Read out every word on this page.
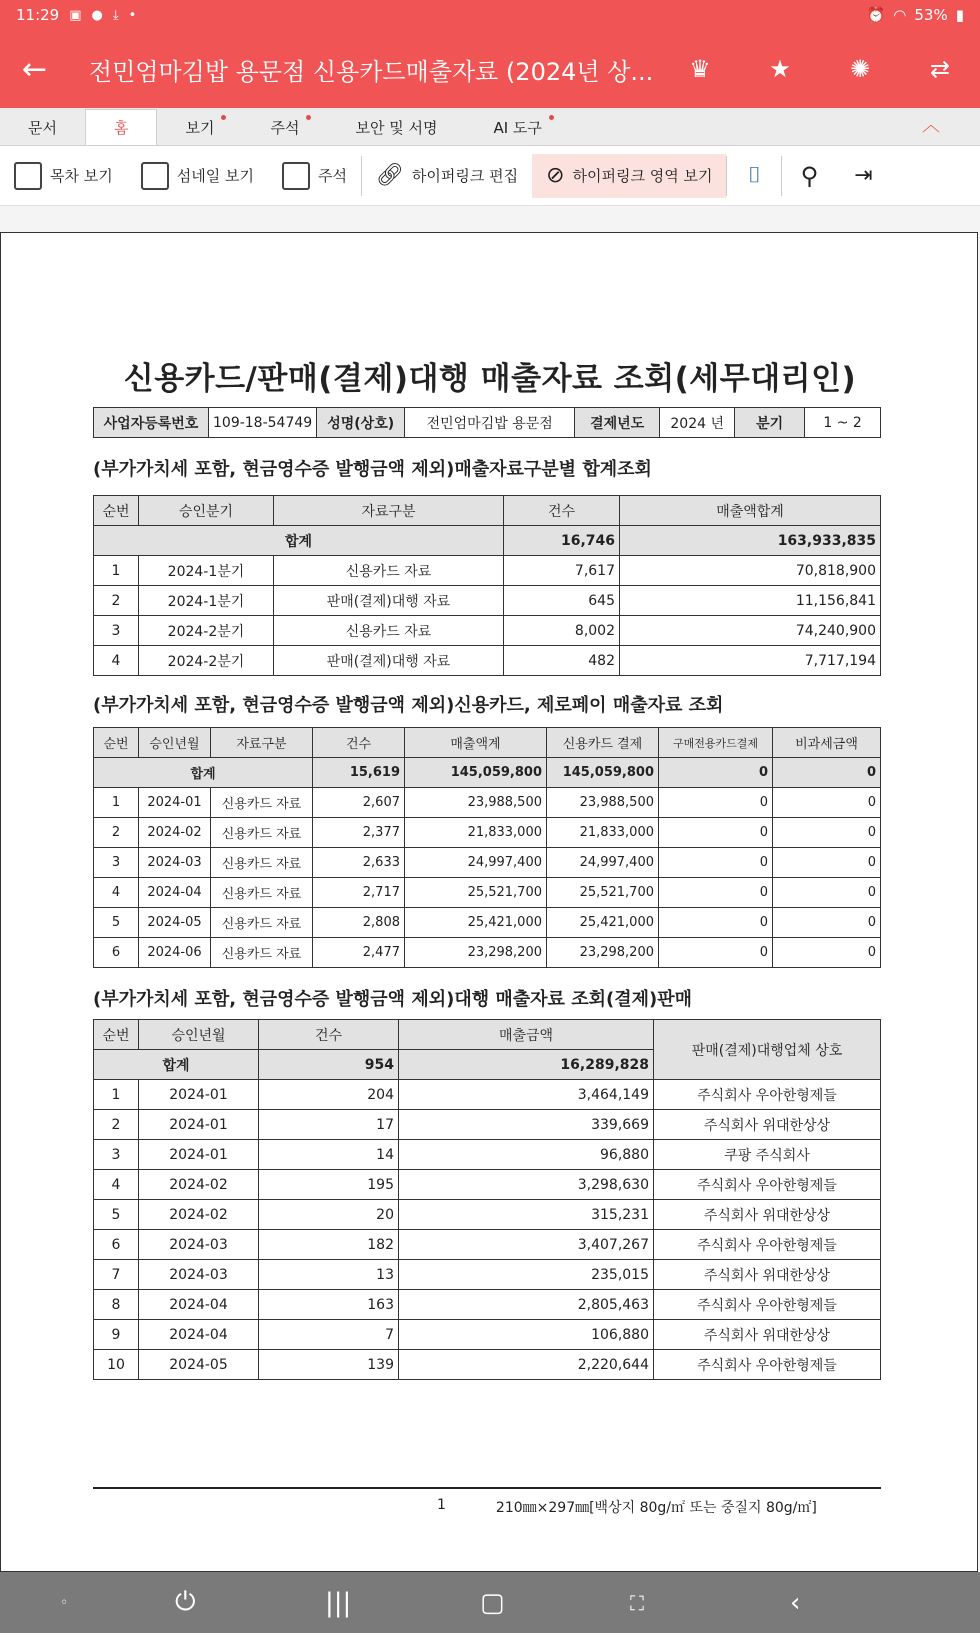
11:29 ▣ ● ⤓ •	⏰ ◠ 53% ▮
←	전민엄마김밥 용문점 신용카드매출자료 (2024년 상...	♛	★	✺	⇄
문서	홈	보기	주석	보안 및 서명	AI 도구	︿
목차 보기	섬네일 보기	주석 🔗︎ 하이퍼링크 편집 ⊘ 하이퍼링크 영역 보기 ⌷ ⚲ ⇥
신용카드/판매(결제)대행 매출자료 조회(세무대리인)
사업자등록번호	109-18-54749	성명(상호)	전민엄마김밥 용문점	결제년도	2024 년	분기	1 ~ 2
(부가가치세 포함, 현금영수증 발행금액 제외)매출자료구분별 합계조회
순번	승인분기	자료구분	건수	매출액합계
합계			16,746	163,933,835
1	2024-1분기	신용카드 자료	7,617	70,818,900
2	2024-1분기	판매(결제)대행 자료	645	11,156,841
3	2024-2분기	신용카드 자료	8,002	74,240,900
4	2024-2분기	판매(결제)대행 자료	482	7,717,194
(부가가치세 포함, 현금영수증 발행금액 제외)신용카드, 제로페이 매출자료 조회
순번	승인년월	자료구분	건수	매출액계	신용카드 결제	구매전용카드결제	비과세금액
합계			15,619	145,059,800	145,059,800	0	0
1	2024-01	신용카드 자료	2,607	23,988,500	23,988,500	0	0
2	2024-02	신용카드 자료	2,377	21,833,000	21,833,000	0	0
3	2024-03	신용카드 자료	2,633	24,997,400	24,997,400	0	0
4	2024-04	신용카드 자료	2,717	25,521,700	25,521,700	0	0
5	2024-05	신용카드 자료	2,808	25,421,000	25,421,000	0	0
6	2024-06	신용카드 자료	2,477	23,298,200	23,298,200	0	0
(부가가치세 포함, 현금영수증 발행금액 제외)대행 매출자료 조회(결제)판매
순번	승인년월	건수	매출금액	판매(결제)대행업체 상호
합계		954	16,289,828	
1	2024-01	204	3,464,149	주식회사 우아한형제들
2	2024-01	17	339,669	주식회사 위대한상상
3	2024-01	14	96,880	쿠팡 주식회사
4	2024-02	195	3,298,630	주식회사 우아한형제들
5	2024-02	20	315,231	주식회사 위대한상상
6	2024-03	182	3,407,267	주식회사 우아한형제들
7	2024-03	13	235,015	주식회사 위대한상상
8	2024-04	163	2,805,463	주식회사 우아한형제들
9	2024-04	7	106,880	주식회사 위대한상상
10	2024-05	139	2,220,644	주식회사 우아한형제들
1	210㎜×297㎜[백상지 80g/㎡ 또는 중질지 80g/㎡]
◦	⏻	|||	▢	⛶	‹
